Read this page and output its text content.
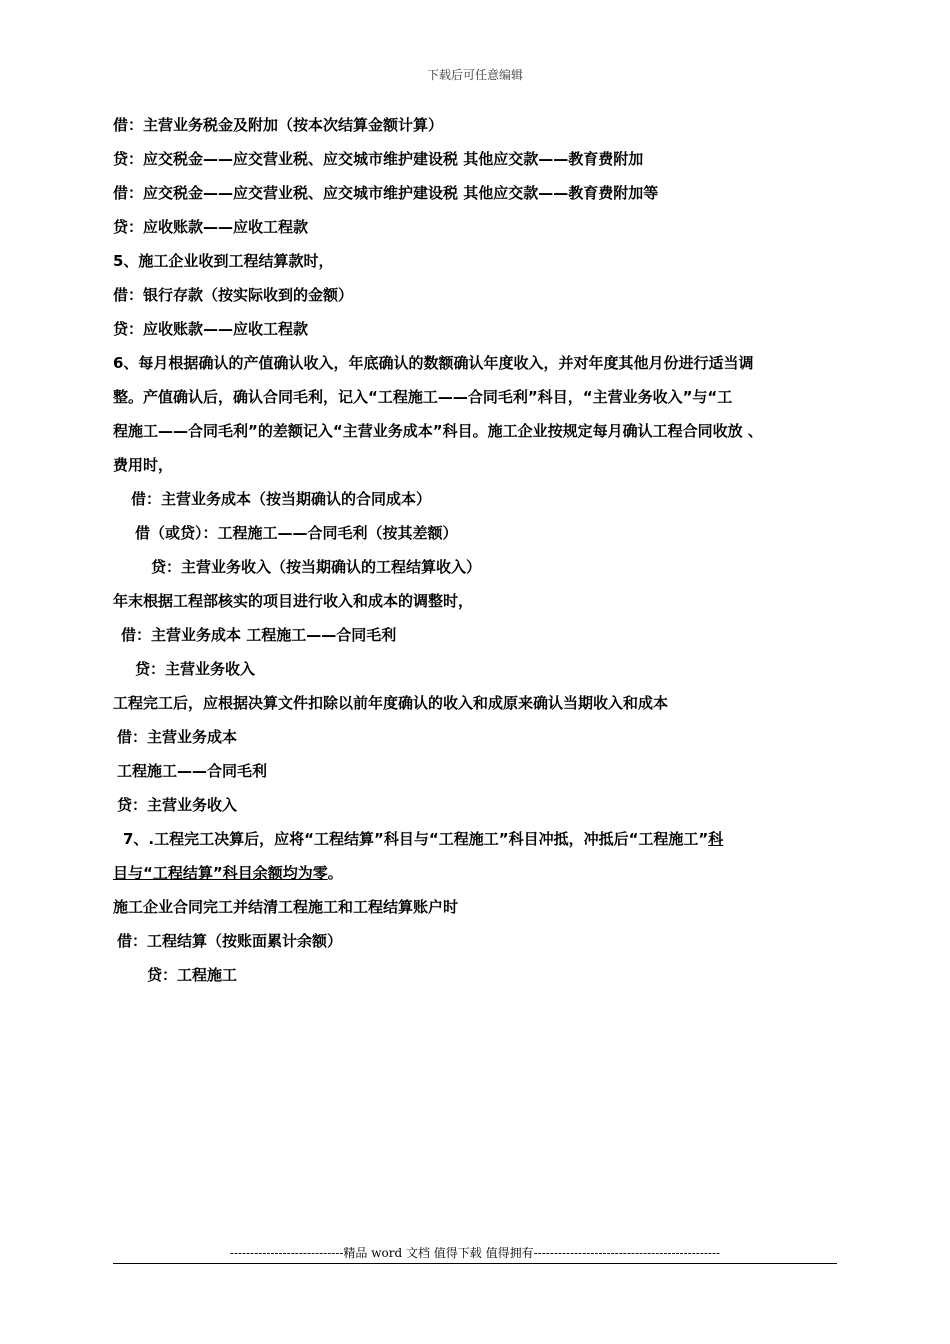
下载后可任意编辑
借：主营业务税金及附加（按本次结算金额计算）
贷：应交税金——应交营业税、应交城市维护建设税 其他应交款——教育费附加
借：应交税金——应交营业税、应交城市维护建设税 其他应交款——教育费附加等
贷：应收账款——应收工程款
5、施工企业收到工程结算款时，
借：银行存款（按实际收到的金额）
贷：应收账款——应收工程款
6、每月根据确认的产值确认收入，年底确认的数额确认年度收入，并对年度其他月份进行适当调
整。产值确认后，确认合同毛利，记入“工程施工——合同毛利”科目，“主营业务收入”与“工
程施工——合同毛利”的差额记入“主营业务成本”科目。施工企业按规定每月确认工程合同收放 、
费用时，
借：主营业务成本（按当期确认的合同成本）
借（或贷）：工程施工——合同毛利（按其差额）
贷：主营业务收入（按当期确认的工程结算收入）
年末根据工程部核实的项目进行收入和成本的调整时，
借：主营业务成本 工程施工——合同毛利
贷：主营业务收入
工程完工后，应根据决算文件扣除以前年度确认的收入和成原来确认当期收入和成本
借：主营业务成本
工程施工——合同毛利
贷：主营业务收入
7、.工程完工决算后，应将“工程结算”科目与“工程施工”科目冲抵，冲抵后“工程施工”科
目与“工程结算”科目余额均为零。
施工企业合同完工并结清工程施工和工程结算账户时
借：工程结算（按账面累计余额）
贷：工程施工
----------------------------精品 word 文档 值得下载 值得拥有----------------------------------------------
